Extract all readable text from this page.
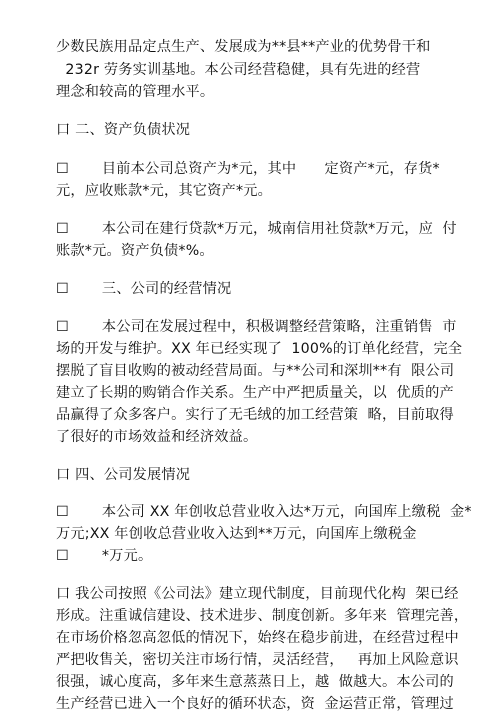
少数民族用品定点生产、发展成为**县**产业的优势骨干和
232r 劳务实训基地。本公司经营稳健，具有先进的经营
理念和较高的管理水平。
口 二、资产负债状况
☐       目前本公司总资产为*元，其中      定资产*元，存货*
元，应收账款*元，其它资产*元。
☐       本公司在建行贷款*万元，城南信用社贷款*万元，应  付
账款*元。资产负债*%。
☐       三、公司的经营情况
☐       本公司在发展过程中，积极调整经营策略，注重销售  市
场的开发与维护。XX 年已经实现了  100%的订单化经营，完全
摆脱了盲目收购的被动经营局面。与**公司和深圳**有  限公司
建立了长期的购销合作关系。生产中严把质量关，以  优质的产
品赢得了众多客户。实行了无毛绒的加工经营策  略，目前取得
了很好的市场效益和经济效益。
口 四、公司发展情况
☐       本公司 XX 年创收总营业收入达*万元，向国库上缴税  金*
万元;XX 年创收总营业收入达到**万元，向国库上缴税金
☐       *万元。
口 我公司按照《公司法》建立现代制度，目前现代化构  架已经
形成。注重诚信建设、技术进步、制度创新。多年来  管理完善，
在市场价格忽高忽低的情况下，始终在稳步前进，在经营过程中
严把收售关，密切关注市场行情，灵活经营，   再加上风险意识
很强，诚心度高，多年来生意蒸蒸日上，越  做越大。本公司的
生产经营已进入一个良好的循环状态，资  金运营正常，管理过
